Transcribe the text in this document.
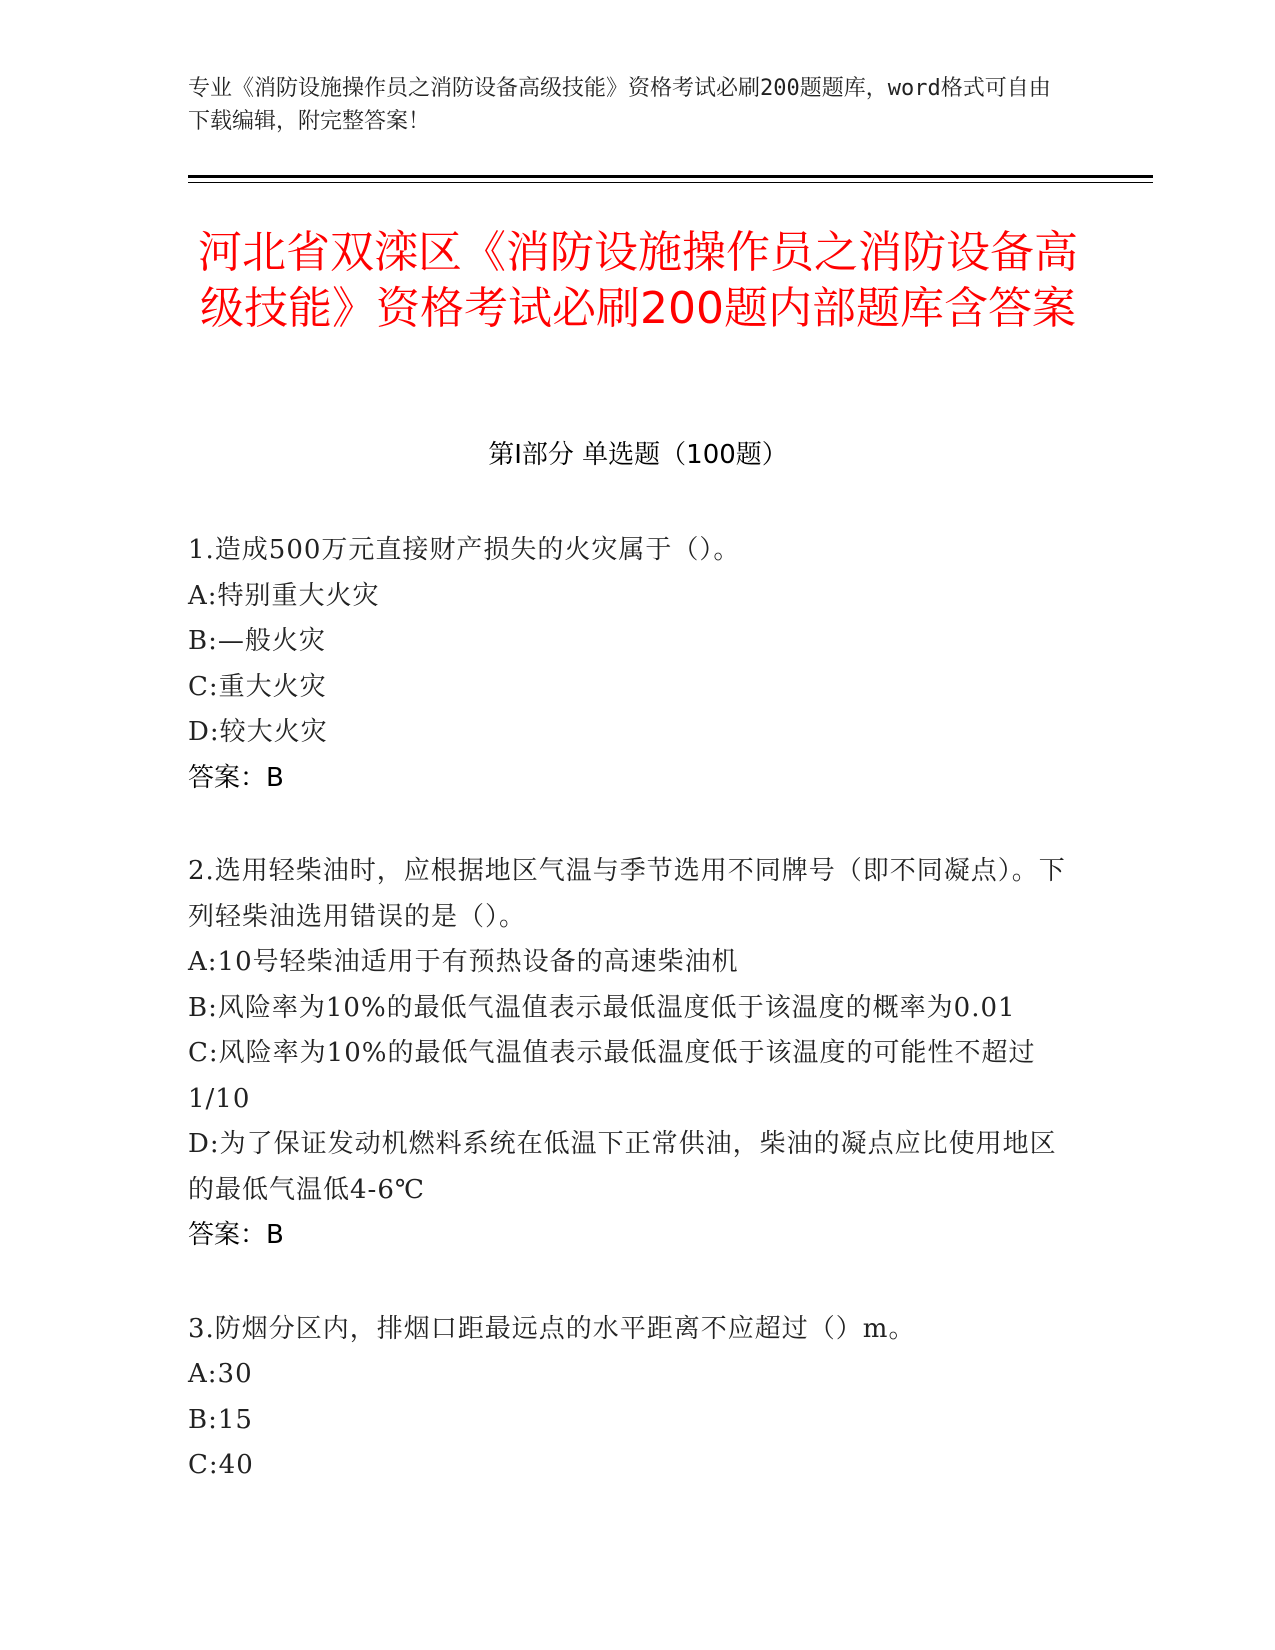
专业《消防设施操作员之消防设备高级技能》资格考试必刷200题题库，word格式可自由下载编辑，附完整答案！
河北省双滦区《消防设施操作员之消防设备高级技能》资格考试必刷200题内部题库含答案
第I部分 单选题（100题）
1.造成500万元直接财产损失的火灾属于（）。
A:特别重大火灾
B:—般火灾
C:重大火灾
D:较大火灾
答案：B
2.选用轻柴油时，应根据地区气温与季节选用不同牌号（即不同凝点）。下列轻柴油选用错误的是（）。
A:10号轻柴油适用于有预热设备的高速柴油机
B:风险率为10%的最低气温值表示最低温度低于该温度的概率为0.01
C:风险率为10%的最低气温值表示最低温度低于该温度的可能性不超过1/10
D:为了保证发动机燃料系统在低温下正常供油，柴油的凝点应比使用地区的最低气温低4-6℃
答案：B
3.防烟分区内，排烟口距最远点的水平距离不应超过（）m。
A:30
B:15
C:40
